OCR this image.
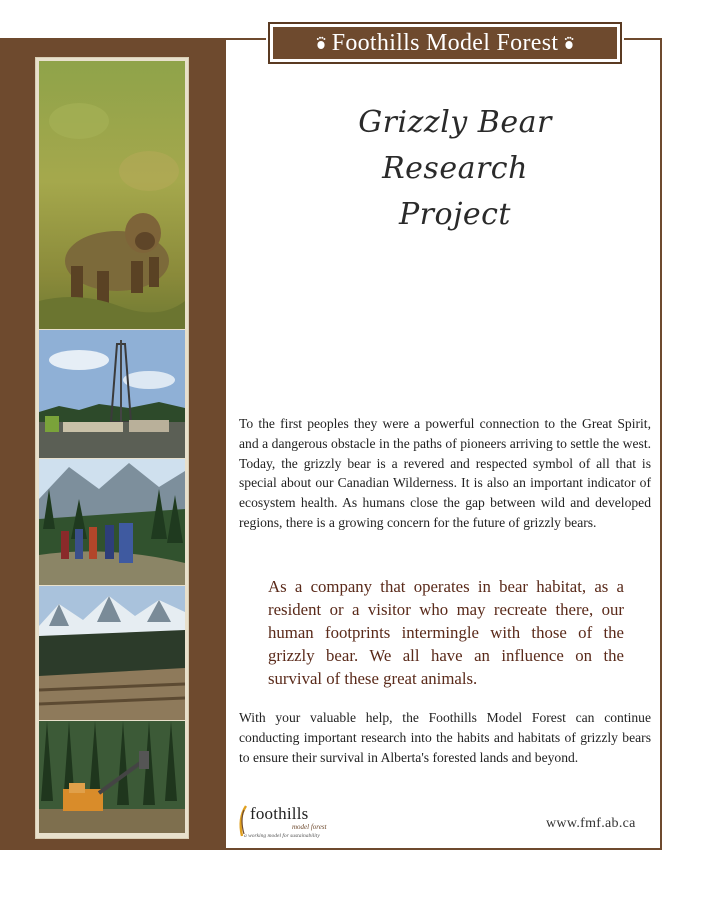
Foothills Model Forest
Grizzly Bear
Research
Project

To the first peoples they were a powerful connection to the Great Spirit, and a dangerous obstacle in the paths of pioneers arriving to settle the west. Today, the grizzly bear is a revered and respected symbol of all that is special about our Canadian Wilderness. It is also an important indicator of ecosystem health. As humans close the gap between wild and developed regions, there is a growing concern for the future of grizzly bears.

As a company that operates in bear habitat, as a resident or a visitor who may recreate there, our human footprints intermingle with those of the grizzly bear. We all have an influence on the survival of these great animals.

With your valuable help, the Foothills Model Forest can continue conducting important research into the habits and habitats of grizzly bears to ensure their survival in Alberta's forested lands and beyond.

foothills
model forest
a working model for sustainability
www.fmf.ab.ca
